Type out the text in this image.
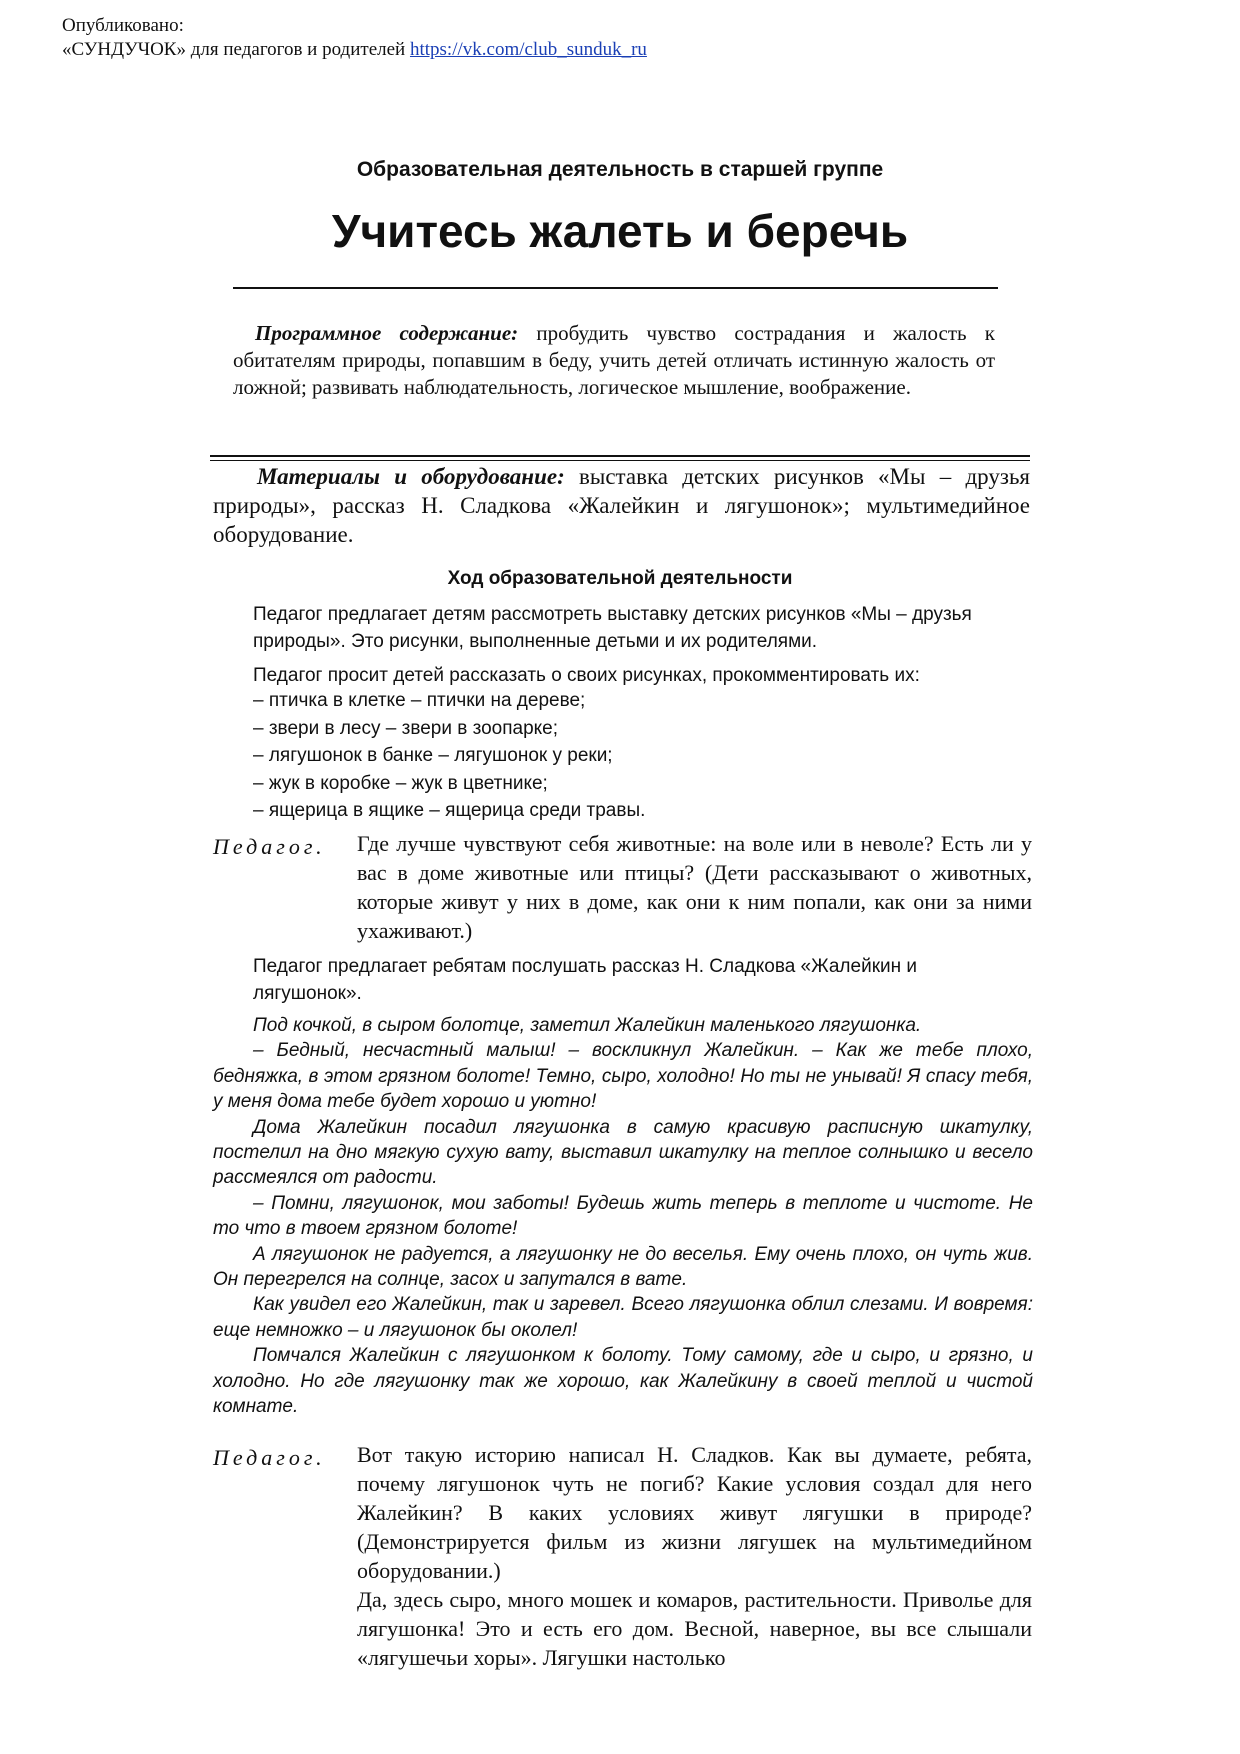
Опубликовано:
«СУНДУЧОК» для педагогов и родителей https://vk.com/club_sunduk_ru
Образовательная деятельность в старшей группе
Учитесь жалеть и беречь

Программное содержание: пробудить чувство сострадания и жалость к обитателям природы, попавшим в беду, учить детей отличать истинную жалость от ложной; развивать наблюдательность, логическое мышление, воображение.

Материалы и оборудование: выставка детских рисунков «Мы – друзья природы», рассказ Н. Сладкова «Жалейкин и лягушонок»; мультимедийное оборудование.

Ход образовательной деятельности
Педагог предлагает детям рассмотреть выставку детских рисунков «Мы – друзья природы». Это рисунки, выполненные детьми и их родителями.
Педагог просит детей рассказать о своих рисунках, прокомментировать их:
– птичка в клетке – птички на дереве;
– звери в лесу – звери в зоопарке;
– лягушонок в банке – лягушонок у реки;
– жук в коробке – жук в цветнике;
– ящерица в ящике – ящерица среди травы.
Педагог. Где лучше чувствуют себя животные: на воле или в неволе? Есть ли у вас в доме животные или птицы? (Дети рассказывают о животных, которые живут у них в доме, как они к ним попали, как они за ними ухаживают.)

Педагог предлагает ребятам послушать рассказ Н. Сладкова «Жалейкин и лягушонок».

Под кочкой, в сыром болотце, заметил Жалейкин маленького лягушонка.

– Бедный, несчастный малыш! – воскликнул Жалейкин. – Как же тебе плохо, бедняжка, в этом грязном болоте! Темно, сыро, холодно! Но ты не унывай! Я спасу тебя, у меня дома тебе будет хорошо и уютно!

Дома Жалейкин посадил лягушонка в самую красивую расписную шкатулку, постелил на дно мягкую сухую вату, выставил шкатулку на теплое солнышко и весело рассмеялся от радости.

– Помни, лягушонок, мои заботы! Будешь жить теперь в теплоте и чистоте. Не то что в твоем грязном болоте!

А лягушонок не радуется, а лягушонку не до веселья. Ему очень плохо, он чуть жив. Он перегрелся на солнце, засох и запутался в вате.

Как увидел его Жалейкин, так и заревел. Всего лягушонка облил слезами. И вовремя: еще немножко – и лягушонок бы околел!

Помчался Жалейкин с лягушонком к болоту. Тому самому, где и сыро, и грязно, и холодно. Но где лягушонку так же хорошо, как Жалейкину в своей теплой и чистой комнате.

Педагог. Вот такую историю написал Н. Сладков. Как вы думаете, ребята, почему лягушонок чуть не погиб? Какие условия создал для него Жалейкин? В каких условиях живут лягушки в природе? (Демонстрируется фильм из жизни лягушек на мультимедийном оборудовании.)

Да, здесь сыро, много мошек и комаров, растительности. Приволье для лягушонка! Это и есть его дом. Весной, наверное, вы все слышали «лягушечьи хоры». Лягушки настолько
